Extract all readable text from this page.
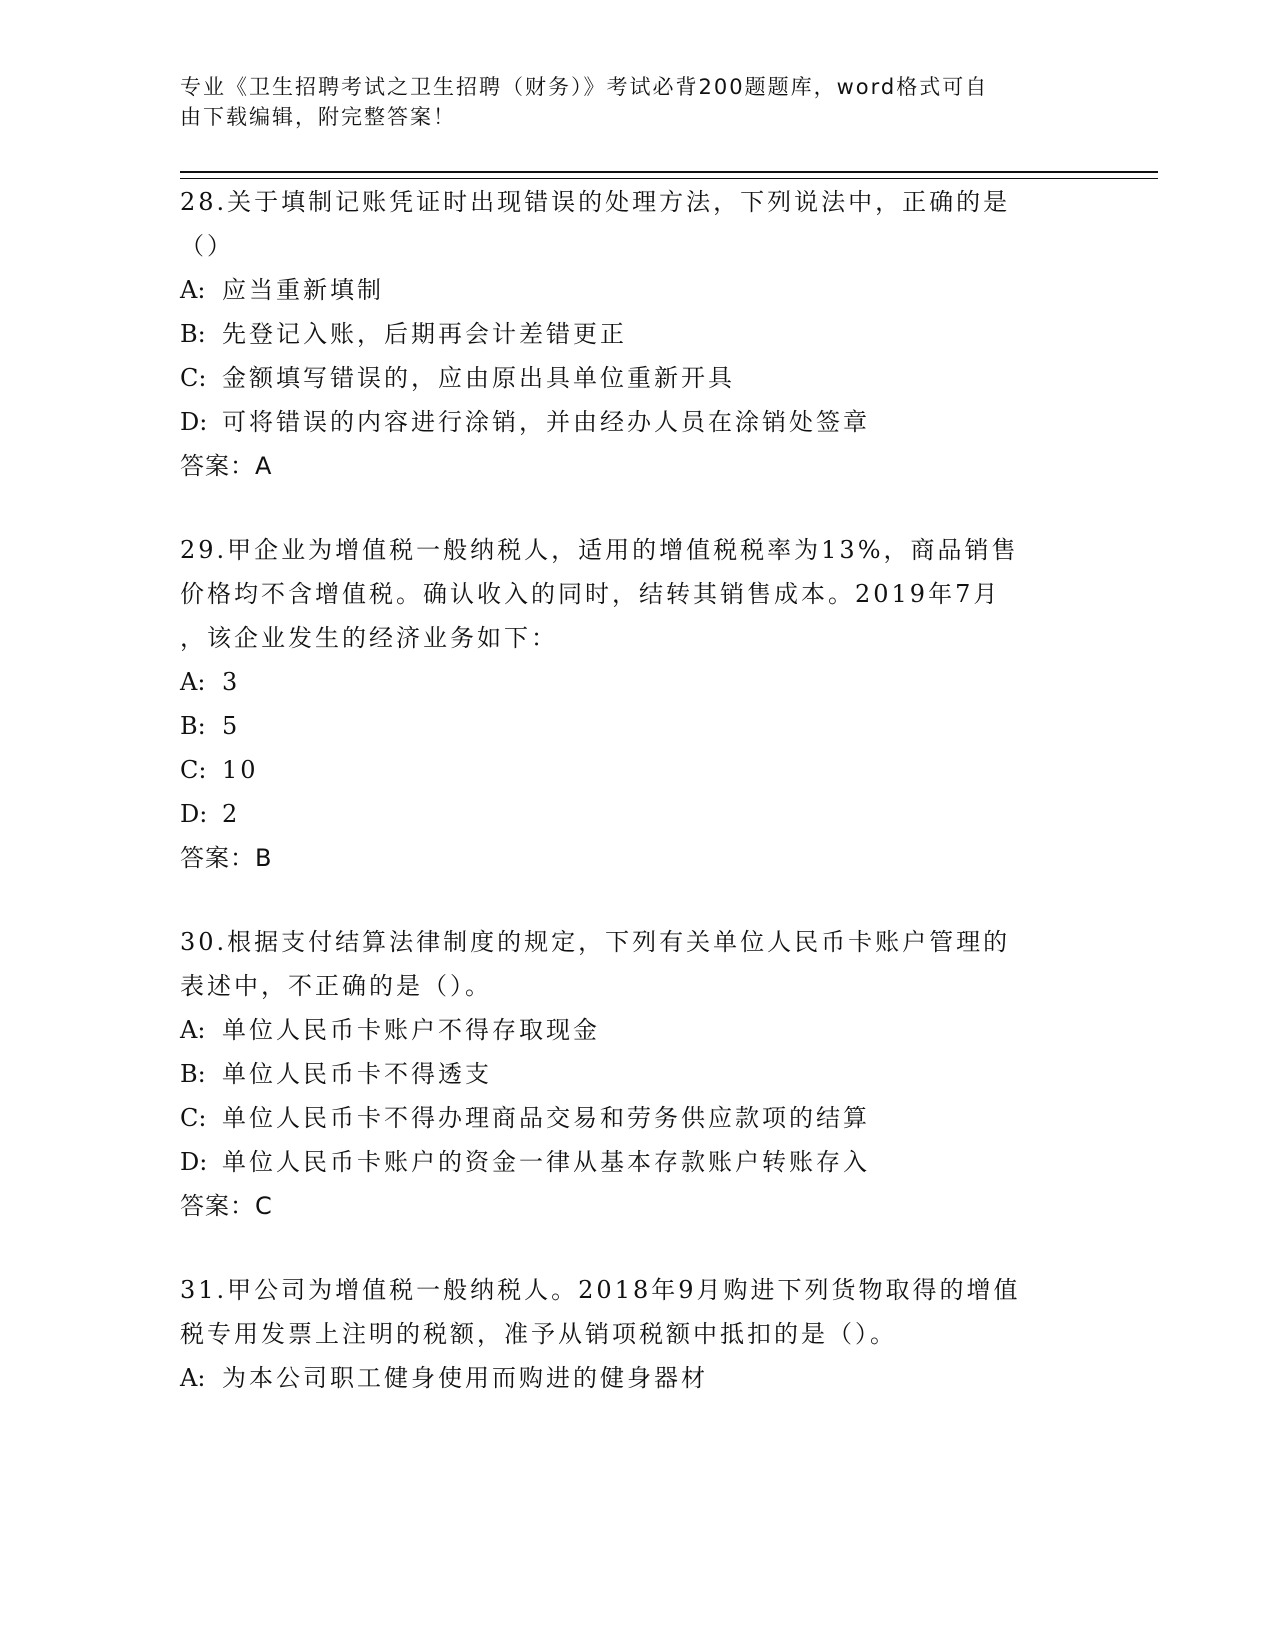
专业《卫生招聘考试之卫生招聘（财务）》考试必背200题题库，word格式可自
由下载编辑，附完整答案！
28.关于填制记账凭证时出现错误的处理方法，下列说法中，正确的是
（）
A: 应当重新填制
B: 先登记入账，后期再会计差错更正
C: 金额填写错误的，应由原出具单位重新开具
D: 可将错误的内容进行涂销，并由经办人员在涂销处签章
答案：A
29.甲企业为增值税一般纳税人，适用的增值税税率为13%，商品销售
价格均不含增值税。确认收入的同时，结转其销售成本。2019年7月
，该企业发生的经济业务如下：
A: 3
B: 5
C: 10
D: 2
答案：B
30.根据支付结算法律制度的规定，下列有关单位人民币卡账户管理的
表述中，不正确的是（）。
A: 单位人民币卡账户不得存取现金
B: 单位人民币卡不得透支
C: 单位人民币卡不得办理商品交易和劳务供应款项的结算
D: 单位人民币卡账户的资金一律从基本存款账户转账存入
答案：C
31.甲公司为增值税一般纳税人。2018年9月购进下列货物取得的增值
税专用发票上注明的税额，准予从销项税额中抵扣的是（）。
A: 为本公司职工健身使用而购进的健身器材
